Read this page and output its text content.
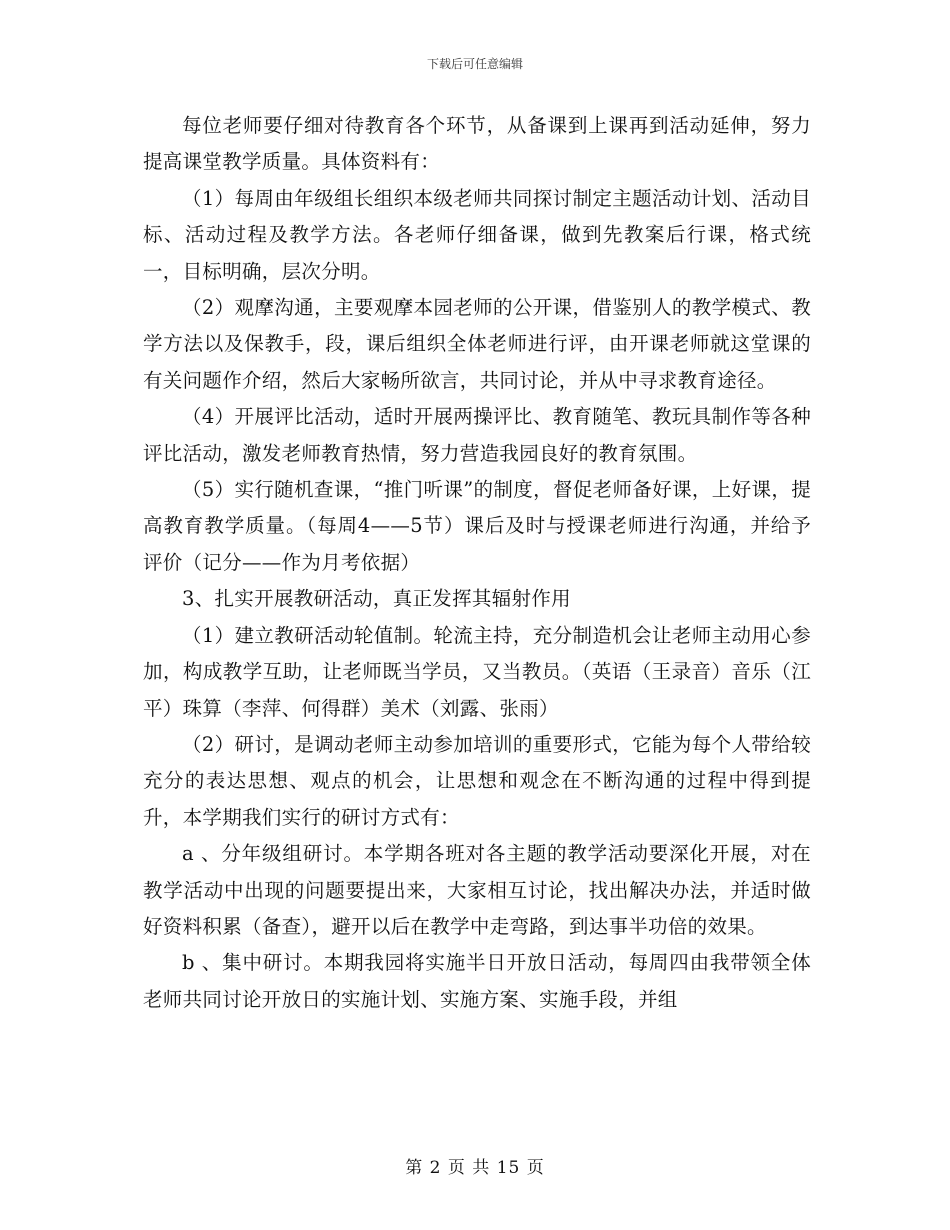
下载后可任意编辑

每位老师要仔细对待教育各个环节，从备课到上课再到活动延伸，努力提高课堂教学质量。具体资料有：

（1）每周由年级组长组织本级老师共同探讨制定主题活动计划、活动目标、活动过程及教学方法。各老师仔细备课，做到先教案后行课，格式统一，目标明确，层次分明。

（2）观摩沟通，主要观摩本园老师的公开课，借鉴别人的教学模式、教学方法以及保教手，段，课后组织全体老师进行评，由开课老师就这堂课的有关问题作介绍，然后大家畅所欲言，共同讨论，并从中寻求教育途径。

（4）开展评比活动，适时开展两操评比、教育随笔、教玩具制作等各种评比活动，激发老师教育热情，努力营造我园良好的教育氛围。

（5）实行随机查课，“推门听课”的制度，督促老师备好课，上好课，提高教育教学质量。（每周4——5节）课后及时与授课老师进行沟通，并给予评价（记分——作为月考依据）

3、扎实开展教研活动，真正发挥其辐射作用

（1）建立教研活动轮值制。轮流主持，充分制造机会让老师主动用心参加，构成教学互助，让老师既当学员，又当教员。（英语（王录音）音乐（江平）珠算（李萍、何得群）美术（刘露、张雨）

（2）研讨，是调动老师主动参加培训的重要形式，它能为每个人带给较充分的表达思想、观点的机会，让思想和观念在不断沟通的过程中得到提升，本学期我们实行的研讨方式有：

a 、分年级组研讨。本学期各班对各主题的教学活动要深化开展，对在教学活动中出现的问题要提出来，大家相互讨论，找出解决办法，并适时做好资料积累（备查），避开以后在教学中走弯路，到达事半功倍的效果。

b 、集中研讨。本期我园将实施半日开放日活动，每周四由我带领全体老师共同讨论开放日的实施计划、实施方案、实施手段，并组

第 2 页 共 15 页
